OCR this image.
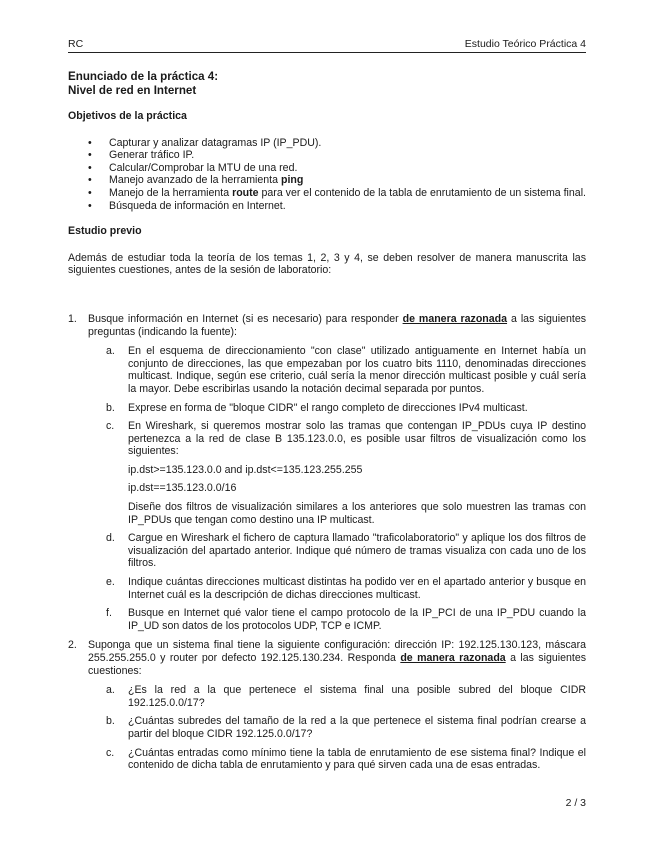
RC	Estudio Teórico Práctica 4
Enunciado de la práctica 4:
Nivel de red en Internet
Objetivos de la práctica
• Capturar y analizar datagramas IP (IP_PDU).
• Generar tráfico IP.
• Calcular/Comprobar la MTU de una red.
• Manejo avanzado de la herramienta ping
• Manejo de la herramienta route para ver el contenido de la tabla de enrutamiento de un sistema final.
• Búsqueda de información en Internet.
Estudio previo
Además de estudiar toda la teoría de los temas 1, 2, 3 y 4, se deben resolver de manera manuscrita las siguientes cuestiones, antes de la sesión de laboratorio:
1. Busque información en Internet (si es necesario) para responder de manera razonada a las siguientes preguntas (indicando la fuente):
a. En el esquema de direccionamiento "con clase" utilizado antiguamente en Internet había un conjunto de direcciones, las que empezaban por los cuatro bits 1110, denominadas direcciones multicast. Indique, según ese criterio, cuál sería la menor dirección multicast posible y cuál sería la mayor. Debe escribirlas usando la notación decimal separada por puntos.
b. Exprese en forma de "bloque CIDR" el rango completo de direcciones IPv4 multicast.
c. En Wireshark, si queremos mostrar solo las tramas que contengan IP_PDUs cuya IP destino pertenezca a la red de clase B 135.123.0.0, es posible usar filtros de visualización como los siguientes:
ip.dst>=135.123.0.0 and ip.dst<=135.123.255.255
ip.dst==135.123.0.0/16
Diseñe dos filtros de visualización similares a los anteriores que solo muestren las tramas con IP_PDUs que tengan como destino una IP multicast.
d. Cargue en Wireshark el fichero de captura llamado "traficolaboratorio" y aplique los dos filtros de visualización del apartado anterior. Indique qué número de tramas visualiza con cada uno de los filtros.
e. Indique cuántas direcciones multicast distintas ha podido ver en el apartado anterior y busque en Internet cuál es la descripción de dichas direcciones multicast.
f. Busque en Internet qué valor tiene el campo protocolo de la IP_PCI de una IP_PDU cuando la IP_UD son datos de los protocolos UDP, TCP e ICMP.
2. Suponga que un sistema final tiene la siguiente configuración: dirección IP: 192.125.130.123, máscara 255.255.255.0 y router por defecto 192.125.130.234. Responda de manera razonada a las siguientes cuestiones:
a. ¿Es la red a la que pertenece el sistema final una posible subred del bloque CIDR 192.125.0.0/17?
b. ¿Cuántas subredes del tamaño de la red a la que pertenece el sistema final podrían crearse a partir del bloque CIDR 192.125.0.0/17?
c. ¿Cuántas entradas como mínimo tiene la tabla de enrutamiento de ese sistema final? Indique el contenido de dicha tabla de enrutamiento y para qué sirven cada una de esas entradas.
2 / 3
